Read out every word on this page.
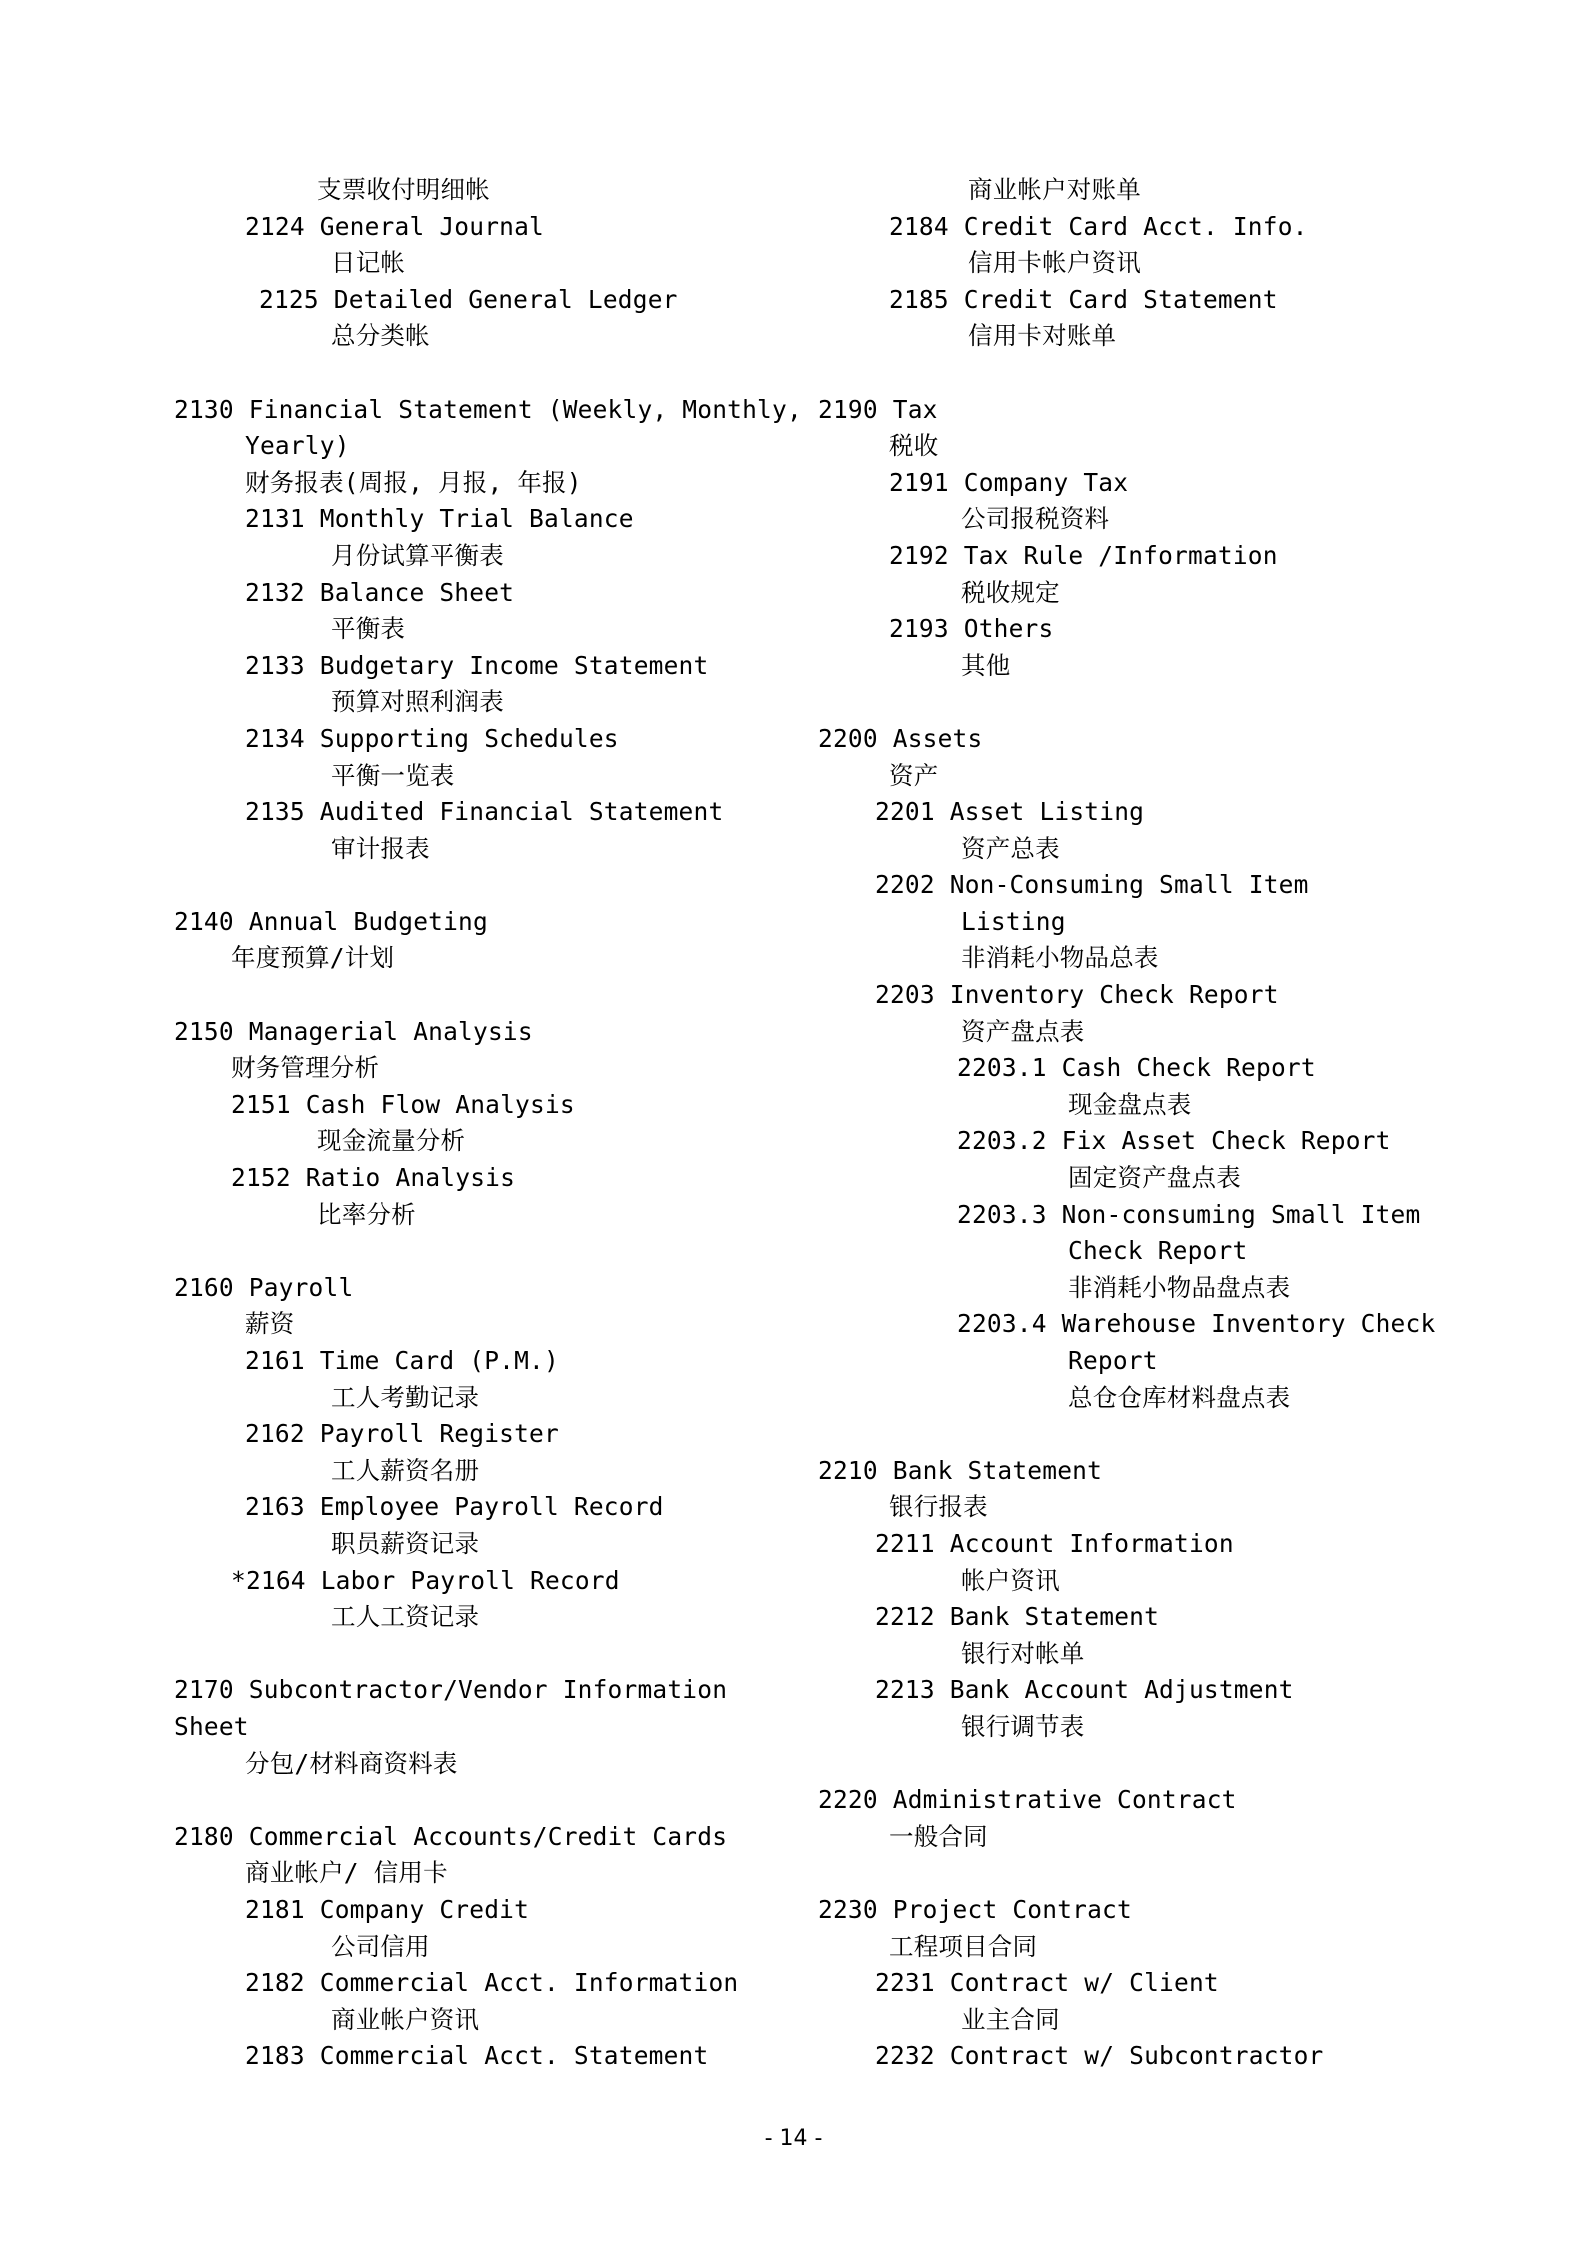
支票收付明细帐
2124 General Journal
日记帐
2125 Detailed General Ledger
总分类帐
2130 Financial Statement (Weekly, Monthly,
Yearly)
财务报表(周报, 月报, 年报)
2131 Monthly Trial Balance
月份试算平衡表
2132 Balance Sheet
平衡表
2133 Budgetary Income Statement
预算对照利润表
2134 Supporting Schedules
平衡一览表
2135 Audited Financial Statement
审计报表
2140 Annual Budgeting
年度预算/计划
2150 Managerial Analysis
财务管理分析
2151 Cash Flow Analysis
现金流量分析
2152 Ratio Analysis
比率分析
2160 Payroll
薪资
2161 Time Card (P.M.)
工人考勤记录
2162 Payroll Register
工人薪资名册
2163 Employee Payroll Record
职员薪资记录
*2164 Labor Payroll Record
工人工资记录
2170 Subcontractor/Vendor Information
Sheet
分包/材料商资料表
2180 Commercial Accounts/Credit Cards
商业帐户/ 信用卡
2181 Company Credit
公司信用
2182 Commercial Acct. Information
商业帐户资讯
2183 Commercial Acct. Statement
商业帐户对账单
2184 Credit Card Acct. Info.
信用卡帐户资讯
2185 Credit Card Statement
信用卡对账单
2190 Tax
税收
2191 Company Tax
公司报税资料
2192 Tax Rule /Information
税收规定
2193 Others
其他
2200 Assets
资产
2201 Asset Listing
资产总表
2202 Non-Consuming Small Item
Listing
非消耗小物品总表
2203 Inventory Check Report
资产盘点表
2203.1 Cash Check Report
现金盘点表
2203.2 Fix Asset Check Report
固定资产盘点表
2203.3 Non-consuming Small Item
Check Report
非消耗小物品盘点表
2203.4 Warehouse Inventory Check
Report
总仓仓库材料盘点表
2210 Bank Statement
银行报表
2211 Account Information
帐户资讯
2212 Bank Statement
银行对帐单
2213 Bank Account Adjustment
银行调节表
2220 Administrative Contract
一般合同
2230 Project Contract
工程项目合同
2231 Contract w/ Client
业主合同
2232 Contract w/ Subcontractor
- 14 -
